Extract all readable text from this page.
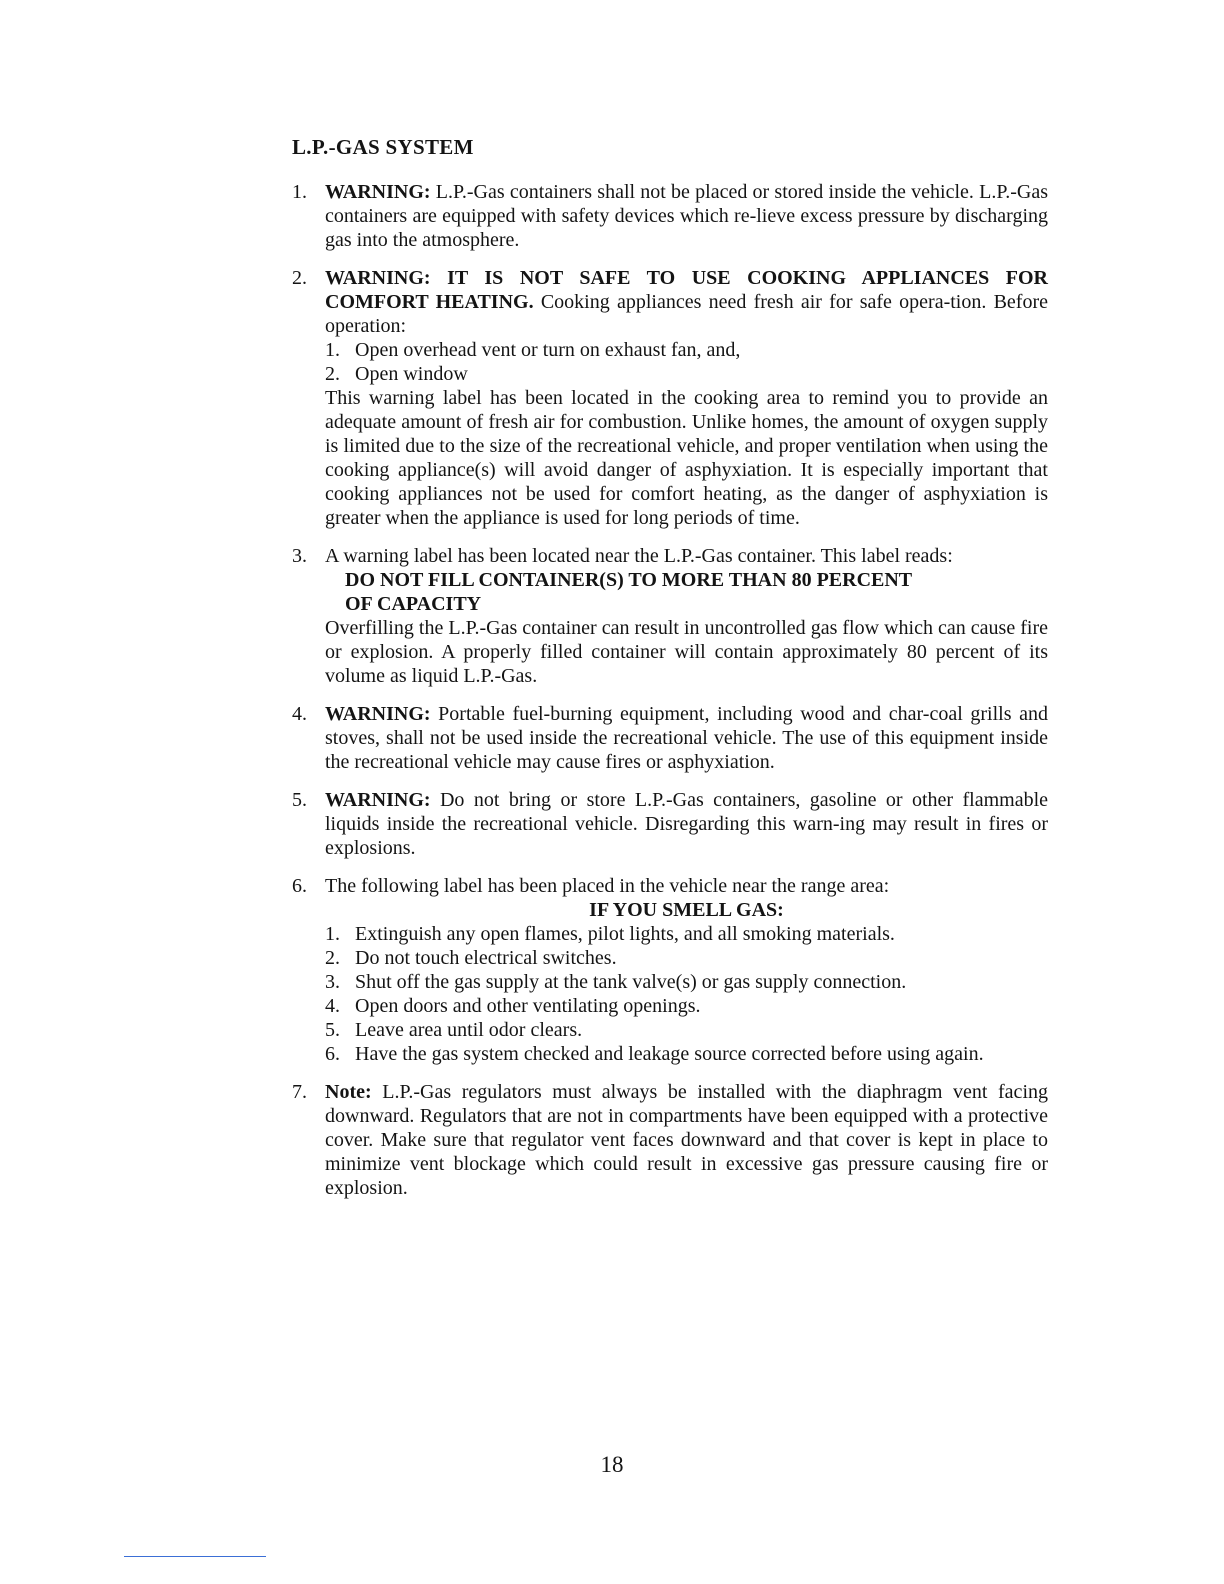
L.P.-GAS SYSTEM
1. WARNING: L.P.-Gas containers shall not be placed or stored inside the vehicle. L.P.-Gas containers are equipped with safety devices which re-lieve excess pressure by discharging gas into the atmosphere.

2. WARNING: IT IS NOT SAFE TO USE COOKING APPLIANCES FOR COMFORT HEATING. Cooking appliances need fresh air for safe opera-tion. Before operation:

1. Open overhead vent or turn on exhaust fan, and,
2. Open window

This warning label has been located in the cooking area to remind you to provide an adequate amount of fresh air for combustion. Unlike homes, the amount of oxygen supply is limited due to the size of the recreational vehicle, and proper ventilation when using the cooking appliance(s) will avoid danger of asphyxiation. It is especially important that cooking appliances not be used for comfort heating, as the danger of asphyxiation is greater when the appliance is used for long periods of time.

3. A warning label has been located near the L.P.-Gas container. This label reads:

DO NOT FILL CONTAINER(S) TO MORE THAN 80 PERCENT
OF CAPACITY

Overfilling the L.P.-Gas container can result in uncontrolled gas flow which can cause fire or explosion. A properly filled container will contain approximately 80 percent of its volume as liquid L.P.-Gas.

4. WARNING: Portable fuel-burning equipment, including wood and char-coal grills and stoves, shall not be used inside the recreational vehicle. The use of this equipment inside the recreational vehicle may cause fires or asphyxiation.

5. WARNING: Do not bring or store L.P.-Gas containers, gasoline or other flammable liquids inside the recreational vehicle. Disregarding this warn-ing may result in fires or explosions.

6. The following label has been placed in the vehicle near the range area:

IF YOU SMELL GAS:
1. Extinguish any open flames, pilot lights, and all smoking materials.
2. Do not touch electrical switches.
3. Shut off the gas supply at the tank valve(s) or gas supply connection.
4. Open doors and other ventilating openings.
5. Leave area until odor clears.
6. Have the gas system checked and leakage source corrected before using again.
7. Note: L.P.-Gas regulators must always be installed with the diaphragm vent facing downward. Regulators that are not in compartments have been equipped with a protective cover. Make sure that regulator vent faces downward and that cover is kept in place to minimize vent blockage which could result in excessive gas pressure causing fire or explosion.

18
